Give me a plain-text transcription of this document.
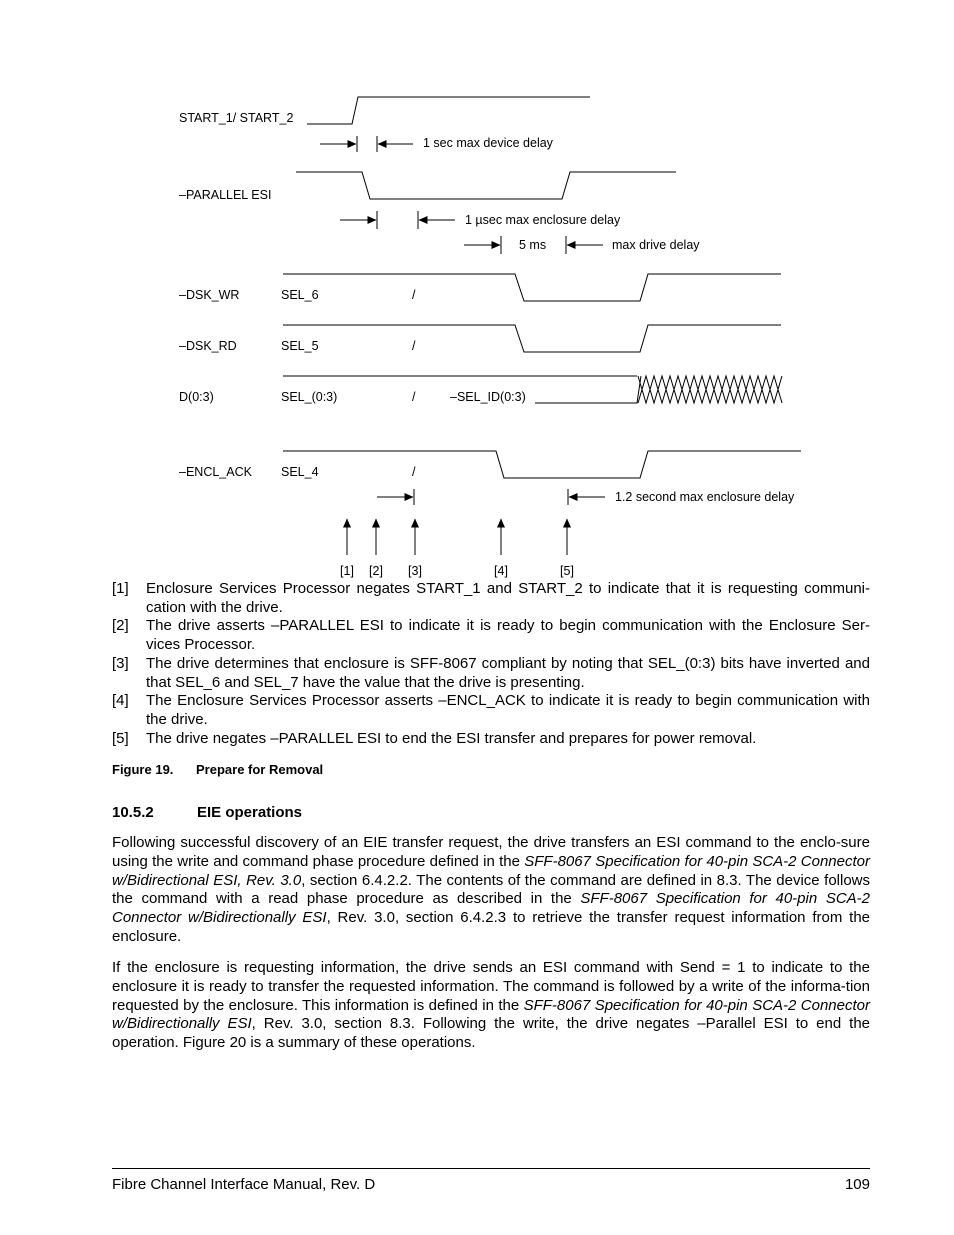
START_1/ START_2
–PARALLEL ESI
–DSK_WR
–DSK_RD
D(0:3)
–ENCL_ACK
1 sec max device delay
1 µsec max enclosure delay
5 ms	max drive delay
SEL_6	/
SEL_5	/
SEL_(0:3)	/	–SEL_ID(0:3)
SEL_4	/
1.2 second max enclosure delay
[1] [2] [3]	[4]	[5]
[1]	Enclosure Services Processor negates START_1 and START_2 to indicate that it is requesting communi-cation with the drive.
[2]	The drive asserts –PARALLEL ESI to indicate it is ready to begin communication with the Enclosure Ser-vices Processor.
[3]	The drive determines that enclosure is SFF-8067 compliant by noting that SEL_(0:3) bits have inverted and that SEL_6 and SEL_7 have the value that the drive is presenting.
[4]	The Enclosure Services Processor asserts –ENCL_ACK to indicate it is ready to begin communication with the drive.
[5]	The drive negates –PARALLEL ESI to end the ESI transfer and prepares for power removal.
Figure 19. Prepare for Removal
10.5.2	EIE operations

Following successful discovery of an EIE transfer request, the drive transfers an ESI command to the enclo-sure using the write and command phase procedure defined in the SFF-8067 Specification for 40-pin SCA-2 Connector w/Bidirectional ESI, Rev. 3.0, section 6.4.2.2. The contents of the command are defined in 8.3. The device follows the command with a read phase procedure as described in the SFF-8067 Specification for 40-pin SCA-2 Connector w/Bidirectionally ESI, Rev. 3.0, section 6.4.2.3 to retrieve the transfer request information from the enclosure.

If the enclosure is requesting information, the drive sends an ESI command with Send = 1 to indicate to the enclosure it is ready to transfer the requested information. The command is followed by a write of the informa-tion requested by the enclosure. This information is defined in the SFF-8067 Specification for 40-pin SCA-2 Connector w/Bidirectionally ESI, Rev. 3.0, section 8.3. Following the write, the drive negates –Parallel ESI to end the operation. Figure 20 is a summary of these operations.

Fibre Channel Interface Manual, Rev. D	109
